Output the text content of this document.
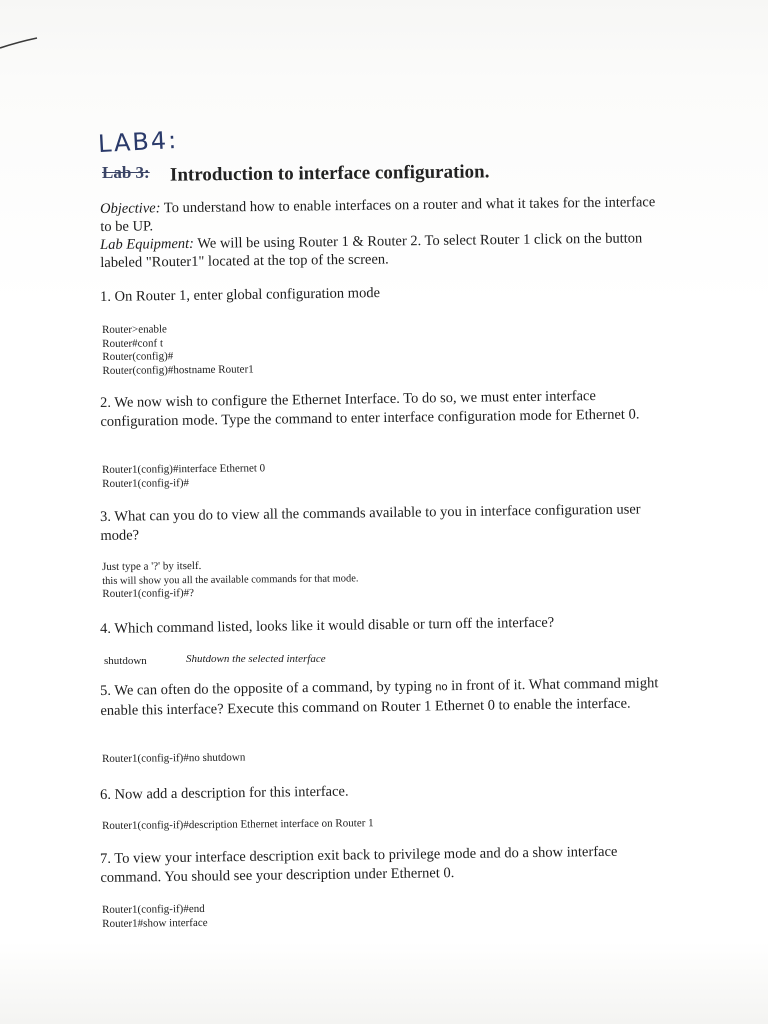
LAB4:
Lab 3: Introduction to interface configuration.
Objective: To understand how to enable interfaces on a router and what it takes for the interface to be UP.
Lab Equipment: We will be using Router 1 & Router 2. To select Router 1 click on the button labeled "Router1" located at the top of the screen.
1. On Router 1, enter global configuration mode
Router>enable
Router#conf t
Router(config)#
Router(config)#hostname Router1
2. We now wish to configure the Ethernet Interface. To do so, we must enter interface configuration mode. Type the command to enter interface configuration mode for Ethernet 0.
Router1(config)#interface Ethernet 0
Router1(config-if)#
3. What can you do to view all the commands available to you in interface configuration user mode?
Just type a '?' by itself.
this will show you all the available commands for that mode.
Router1(config-if)#?
4. Which command listed, looks like it would disable or turn off the interface?
shutdown	Shutdown the selected interface
5. We can often do the opposite of a command, by typing no in front of it. What command might enable this interface? Execute this command on Router 1 Ethernet 0 to enable the interface.
Router1(config-if)#no shutdown
6. Now add a description for this interface.
Router1(config-if)#description Ethernet interface on Router 1
7. To view your interface description exit back to privilege mode and do a show interface command. You should see your description under Ethernet 0.
Router1(config-if)#end
Router1#show interface
